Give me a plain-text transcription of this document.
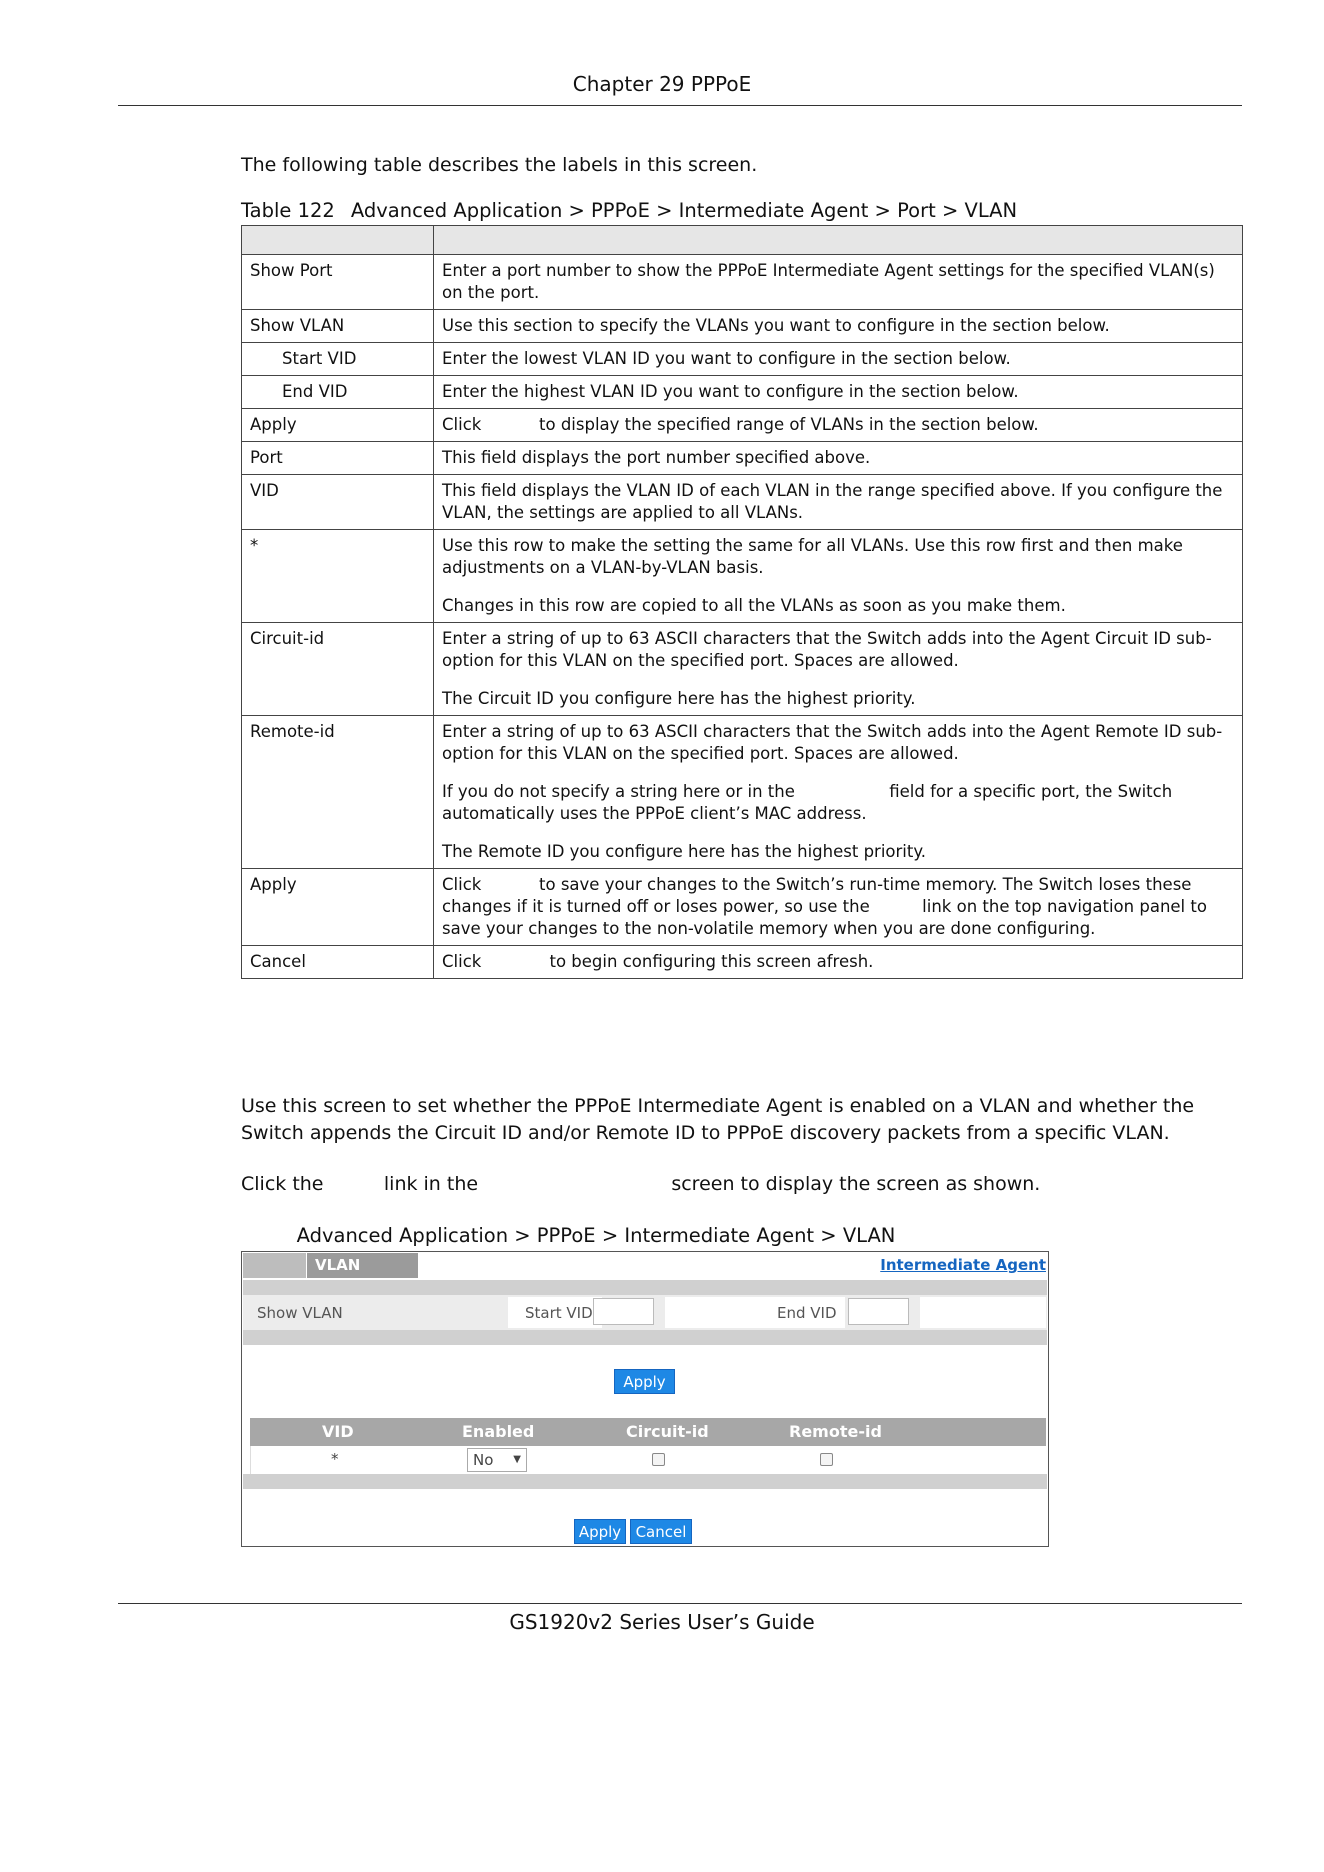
Chapter 29 PPPoE
The following table describes the labels in this screen.
Table 122 Advanced Application > PPPoE > Intermediate Agent > Port > VLAN

Show Port	Enter a port number to show the PPPoE Intermediate Agent settings for the specified VLAN(s) on the port.

Show VLAN	Use this section to specify the VLANs you want to configure in the section below.

Start VID	Enter the lowest VLAN ID you want to configure in the section below.

End VID	Enter the highest VLAN ID you want to configure in the section below.

Apply	Click           to display the specified range of VLANs in the section below.

Port	This field displays the port number specified above.

VID	This field displays the VLAN ID of each VLAN in the range specified above. If you configure the VLAN, the settings are applied to all VLANs.

*	Use this row to make the setting the same for all VLANs. Use this row first and then make adjustments on a VLAN-by-VLAN basis.

Changes in this row are copied to all the VLANs as soon as you make them.

Circuit-id	Enter a string of up to 63 ASCII characters that the Switch adds into the Agent Circuit ID sub-option for this VLAN on the specified port. Spaces are allowed.

The Circuit ID you configure here has the highest priority.

Remote-id	Enter a string of up to 63 ASCII characters that the Switch adds into the Agent Remote ID sub-option for this VLAN on the specified port. Spaces are allowed.

If you do not specify a string here or in the                  field for a specific port, the Switch automatically uses the PPPoE client’s MAC address.

The Remote ID you configure here has the highest priority.

Apply	Click           to save your changes to the Switch’s run-time memory. The Switch loses these changes if it is turned off or loses power, so use the          link on the top navigation panel to save your changes to the non-volatile memory when you are done configuring.

Cancel	Click             to begin configuring this screen afresh.

Use this screen to set whether the PPPoE Intermediate Agent is enabled on a VLAN and whether the Switch appends the Circuit ID and/or Remote ID to PPPoE discovery packets from a specific VLAN.
Click the          link in the                                screen to display the screen as shown.
Advanced Application > PPPoE > Intermediate Agent > VLAN
VLAN	Intermediate Agent
Show VLAN	Start VID	End VID
Apply
VID	Enabled	Circuit-id	Remote-id
*	No ▼
Apply Cancel
GS1920v2 Series User’s Guide
